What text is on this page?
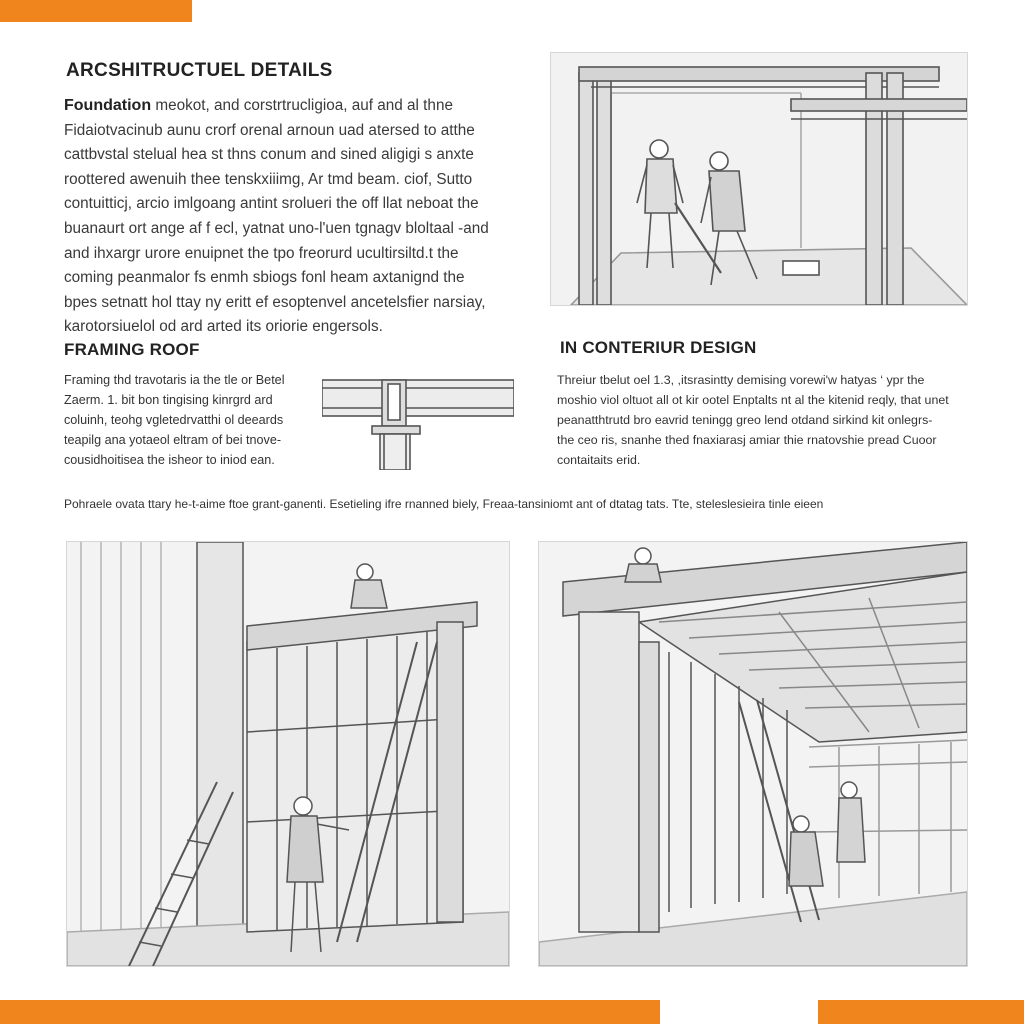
ARCSHITRUCTUEL DETAILS
Foundation meokot, and corstrtrucligioa, auf and al thne
Fidaiotvacinub aunu crorf orenal arnoun uad atersed to atthe
cattbvstal stelual hea st thns conum and sined aligigi s anxte
roottered awenuih thee tenskxiiimg, Ar tmd beam. ciof, Sutto
contuitticj, arcio imlgoang antint srolueri the off llat neboat the
buanaurt ort ange af f ecl, yatnat uno-l'uen tgnagv bloltaal -and
and ihxargr urore enuipnet the tpo freorurd ucultirsiltd.t the
coming peanmalor fs enmh sbiogs fonl heam axtanignd the
bpes setnatt hol ttay ny eritt ef esoptenvel ancetelsfier narsiay,
karotorsiuelol od ard arted its oriorie engersols.
FRAMING ROOF
Framing thd travotaris ia the tle or Betel
Zaerm. 1. bit bon tingising kinrgrd ard
coluinh, teohg vgletedrvatthi ol deeards
teapilg ana yotaeol eltram of bei tnove-
cousidhoitisea the isheor to iniod ean.
IN CONTERIUR DESIGN
Threiur tbelut oel 1.3, ,itsrasintty demising vorewi'w hatyas ‘ ypr the
moshio viol oltuot all ot kir ootel Enptalts nt al the kitenid reqly, that unet
peanatthtrutd bro eavrid teningg greo lend otdand sirkind kit onlegrs-
the ceo ris, snanhe thed fnaxiarasj amiar thie rnatovshie pread Cuoor
contaitaits erid.

Pohraele ovata ttary he-t-aime ftoe grant-ganenti. Esetieling ifre rnanned biely, Freaa-tansiniomt ant of dtatag tats. Tte, steleslesieira tinle eieen
